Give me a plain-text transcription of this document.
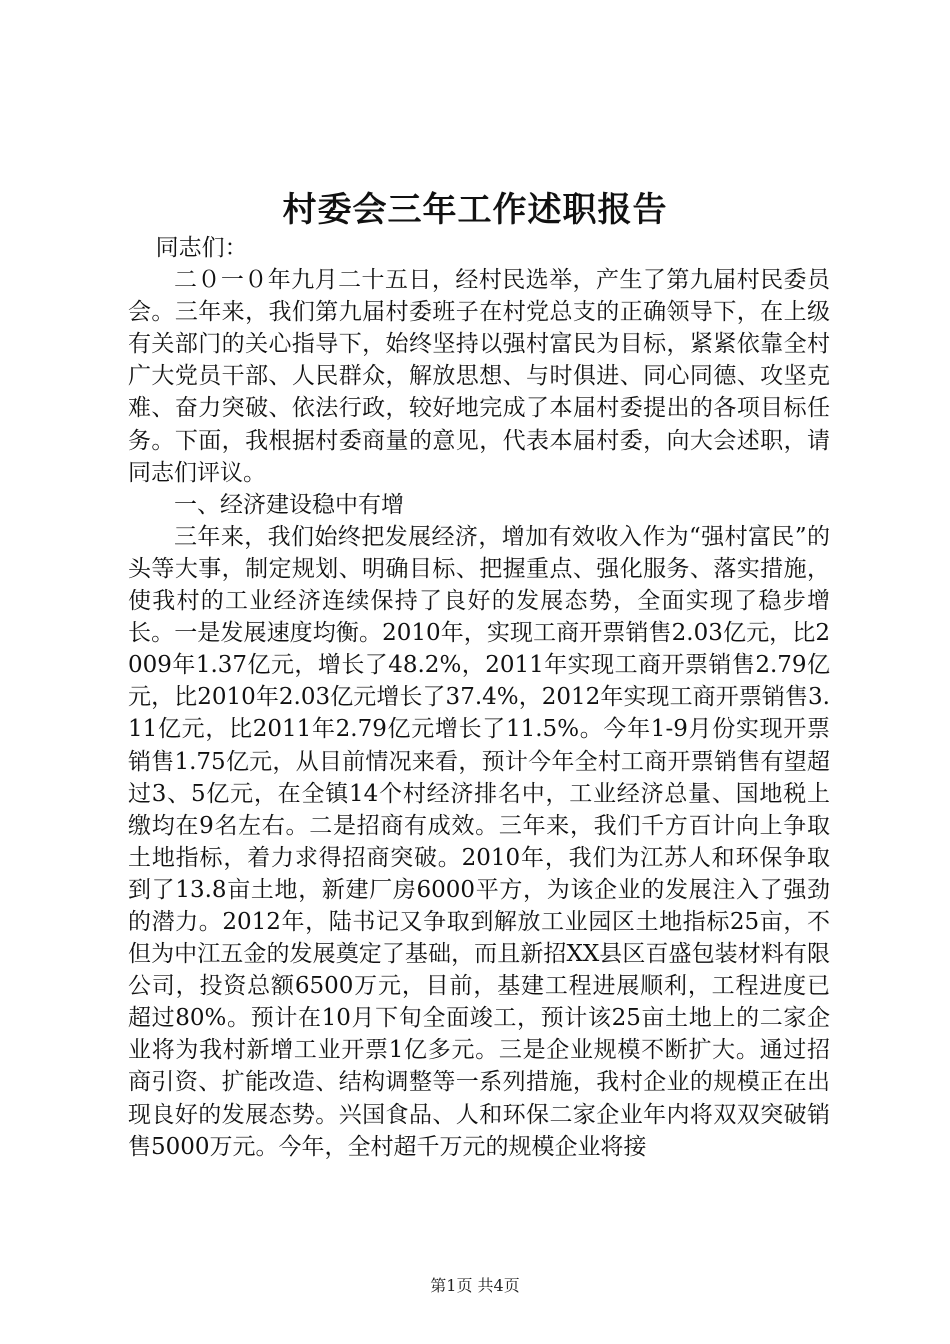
村委会三年工作述职报告

同志们：

二０一０年九月二十五日，经村民选举，产生了第九届村民委员会。三年来，我们第九届村委班子在村党总支的正确领导下，在上级有关部门的关心指导下，始终坚持以强村富民为目标，紧紧依靠全村广大党员干部、人民群众，解放思想、与时俱进、同心同德、攻坚克难、奋力突破、依法行政，较好地完成了本届村委提出的各项目标任务。下面，我根据村委商量的意见，代表本届村委，向大会述职，请同志们评议。

一、经济建设稳中有增

三年来，我们始终把发展经济，增加有效收入作为“强村富民”的头等大事，制定规划、明确目标、把握重点、强化服务、落实措施，使我村的工业经济连续保持了良好的发展态势，全面实现了稳步增长。一是发展速度均衡。2010年，实现工商开票销售2.03亿元，比2009年1.37亿元，增长了48.2%，2011年实现工商开票销售2.79亿元，比2010年2.03亿元增长了37.4%，2012年实现工商开票销售3.11亿元，比2011年2.79亿元增长了11.5%。今年1-9月份实现开票销售1.75亿元，从目前情况来看，预计今年全村工商开票销售有望超过3、5亿元，在全镇14个村经济排名中，工业经济总量、国地税上缴均在9名左右。二是招商有成效。三年来，我们千方百计向上争取土地指标，着力求得招商突破。2010年，我们为江苏人和环保争取到了13.8亩土地，新建厂房6000平方，为该企业的发展注入了强劲的潜力。2012年，陆书记又争取到解放工业园区土地指标25亩，不但为中江五金的发展奠定了基础，而且新招XX县区百盛包装材料有限公司，投资总额6500万元，目前，基建工程进展顺利，工程进度已超过80%。预计在10月下旬全面竣工，预计该25亩土地上的二家企业将为我村新增工业开票1亿多元。三是企业规模不断扩大。通过招商引资、扩能改造、结构调整等一系列措施，我村企业的规模正在出现良好的发展态势。兴国食品、人和环保二家企业年内将双双突破销售5000万元。今年，全村超千万元的规模企业将接

第1页 共4页
